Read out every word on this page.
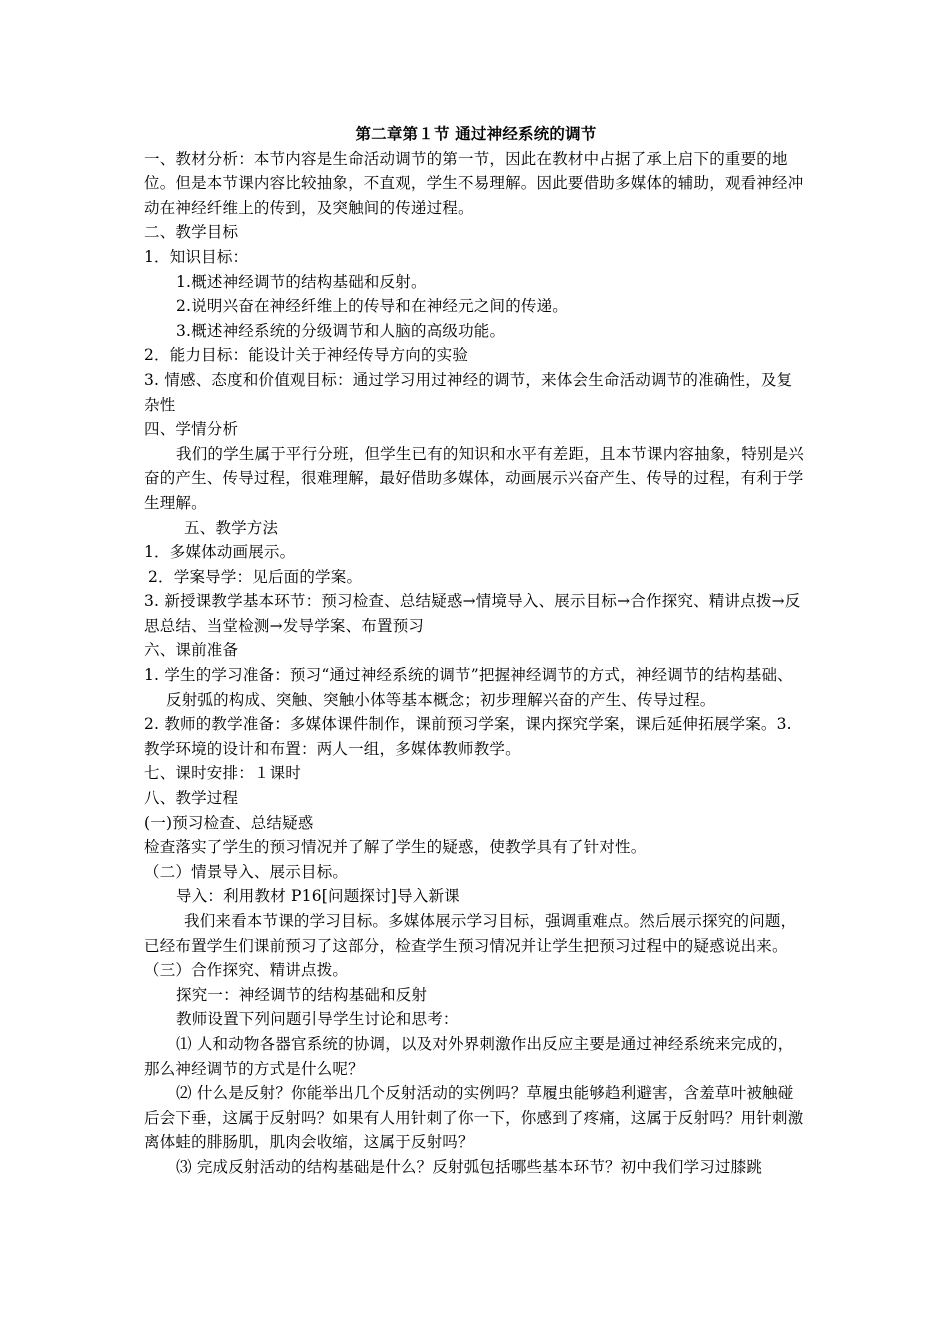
第二章第１节 通过神经系统的调节

一、教材分析：本节内容是生命活动调节的第一节，因此在教材中占据了承上启下的重要的地位。但是本节课内容比较抽象，不直观，学生不易理解。因此要借助多媒体的辅助，观看神经冲动在神经纤维上的传到，及突触间的传递过程。

二、教学目标

1．知识目标：

1.概述神经调节的结构基础和反射。

2.说明兴奋在神经纤维上的传导和在神经元之间的传递。

3.概述神经系统的分级调节和人脑的高级功能。

2．能力目标：能设计关于神经传导方向的实验

3. 情感、态度和价值观目标：通过学习用过神经的调节，来体会生命活动调节的准确性，及复杂性

四、学情分析

我们的学生属于平行分班，但学生已有的知识和水平有差距，且本节课内容抽象，特别是兴奋的产生、传导过程，很难理解，最好借助多媒体，动画展示兴奋产生、传导的过程，有利于学生理解。

五、教学方法

1．多媒体动画展示。

2．学案导学：见后面的学案。

3. 新授课教学基本环节：预习检查、总结疑惑→情境导入、展示目标→合作探究、精讲点拨→反思总结、当堂检测→发导学案、布置预习

六、课前准备

1. 学生的学习准备：预习“通过神经系统的调节”把握神经调节的方式，神经调节的结构基础、反射弧的构成、突触、突触小体等基本概念；初步理解兴奋的产生、传导过程。

2. 教师的教学准备：多媒体课件制作，课前预习学案，课内探究学案，课后延伸拓展学案。3. 教学环境的设计和布置：两人一组，多媒体教师教学。

七、课时安排：１课时

八、教学过程

(一)预习检查、总结疑惑

检查落实了学生的预习情况并了解了学生的疑惑，使教学具有了针对性。

（二）情景导入、展示目标。

导入：利用教材 P16[问题探讨]导入新课

我们来看本节课的学习目标。多媒体展示学习目标，强调重难点。然后展示探究的问题，已经布置学生们课前预习了这部分，检查学生预习情况并让学生把预习过程中的疑惑说出来。

（三）合作探究、精讲点拨。

探究一：神经调节的结构基础和反射

教师设置下列问题引导学生讨论和思考：

⑴ 人和动物各器官系统的协调，以及对外界刺激作出反应主要是通过神经系统来完成的，那么神经调节的方式是什么呢？

⑵ 什么是反射？你能举出几个反射活动的实例吗？草履虫能够趋利避害，含羞草叶被触碰后会下垂，这属于反射吗？如果有人用针刺了你一下，你感到了疼痛，这属于反射吗？用针刺激离体蛙的腓肠肌，肌肉会收缩，这属于反射吗？

⑶ 完成反射活动的结构基础是什么？反射弧包括哪些基本环节？初中我们学习过膝跳
